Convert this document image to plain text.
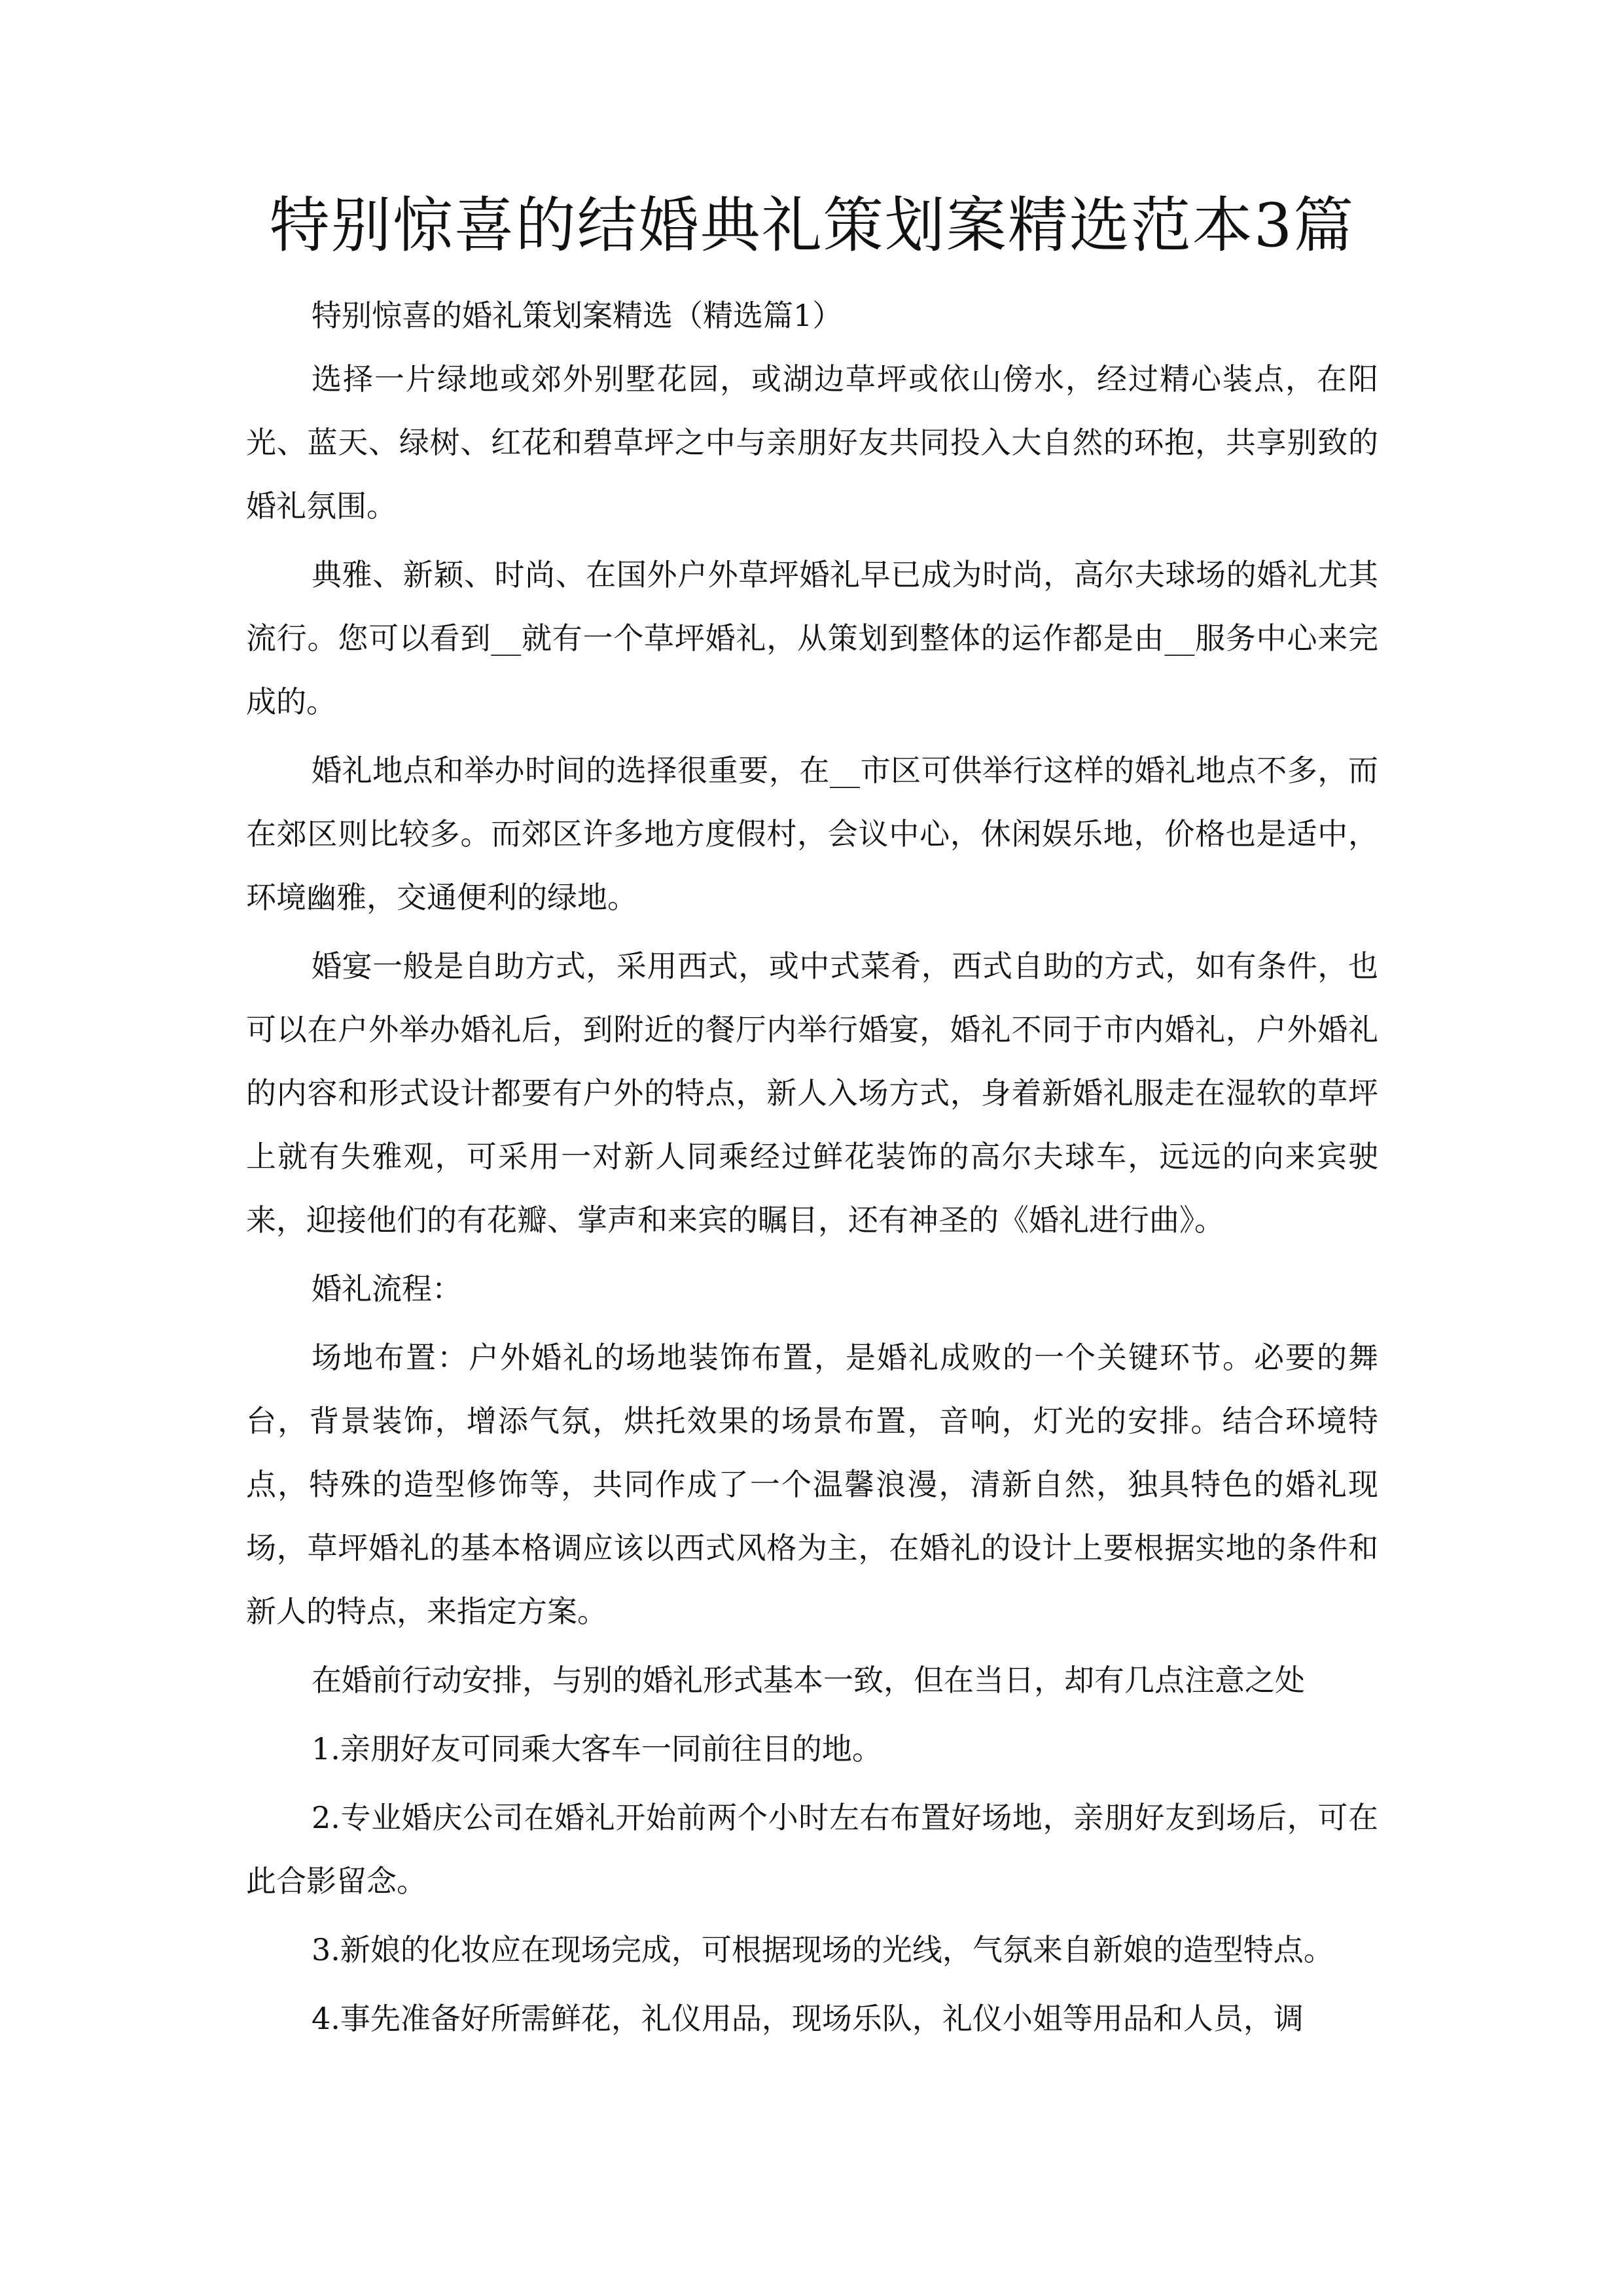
特别惊喜的结婚典礼策划案精选范本3篇

特别惊喜的婚礼策划案精选（精选篇1）

选择一片绿地或郊外别墅花园，或湖边草坪或依山傍水，经过精心装点，在阳光、蓝天、绿树、红花和碧草坪之中与亲朋好友共同投入大自然的环抱，共享别致的婚礼氛围。

典雅、新颖、时尚、在国外户外草坪婚礼早已成为时尚，高尔夫球场的婚礼尤其流行。您可以看到__就有一个草坪婚礼，从策划到整体的运作都是由__服务中心来完成的。

婚礼地点和举办时间的选择很重要，在__市区可供举行这样的婚礼地点不多，而在郊区则比较多。而郊区许多地方度假村，会议中心，休闲娱乐地，价格也是适中，环境幽雅，交通便利的绿地。

婚宴一般是自助方式，采用西式，或中式菜肴，西式自助的方式，如有条件，也可以在户外举办婚礼后，到附近的餐厅内举行婚宴，婚礼不同于市内婚礼，户外婚礼的内容和形式设计都要有户外的特点，新人入场方式，身着新婚礼服走在湿软的草坪上就有失雅观，可采用一对新人同乘经过鲜花装饰的高尔夫球车，远远的向来宾驶来，迎接他们的有花瓣、掌声和来宾的瞩目，还有神圣的《婚礼进行曲》。

婚礼流程：

场地布置：户外婚礼的场地装饰布置，是婚礼成败的一个关键环节。必要的舞台，背景装饰，增添气氛，烘托效果的场景布置，音响，灯光的安排。结合环境特点，特殊的造型修饰等，共同作成了一个温馨浪漫，清新自然，独具特色的婚礼现场，草坪婚礼的基本格调应该以西式风格为主，在婚礼的设计上要根据实地的条件和新人的特点，来指定方案。

在婚前行动安排，与别的婚礼形式基本一致，但在当日，却有几点注意之处

1.亲朋好友可同乘大客车一同前往目的地。

2.专业婚庆公司在婚礼开始前两个小时左右布置好场地，亲朋好友到场后，可在此合影留念。

3.新娘的化妆应在现场完成，可根据现场的光线，气氛来自新娘的造型特点。

4.事先准备好所需鲜花，礼仪用品，现场乐队，礼仪小姐等用品和人员，调
